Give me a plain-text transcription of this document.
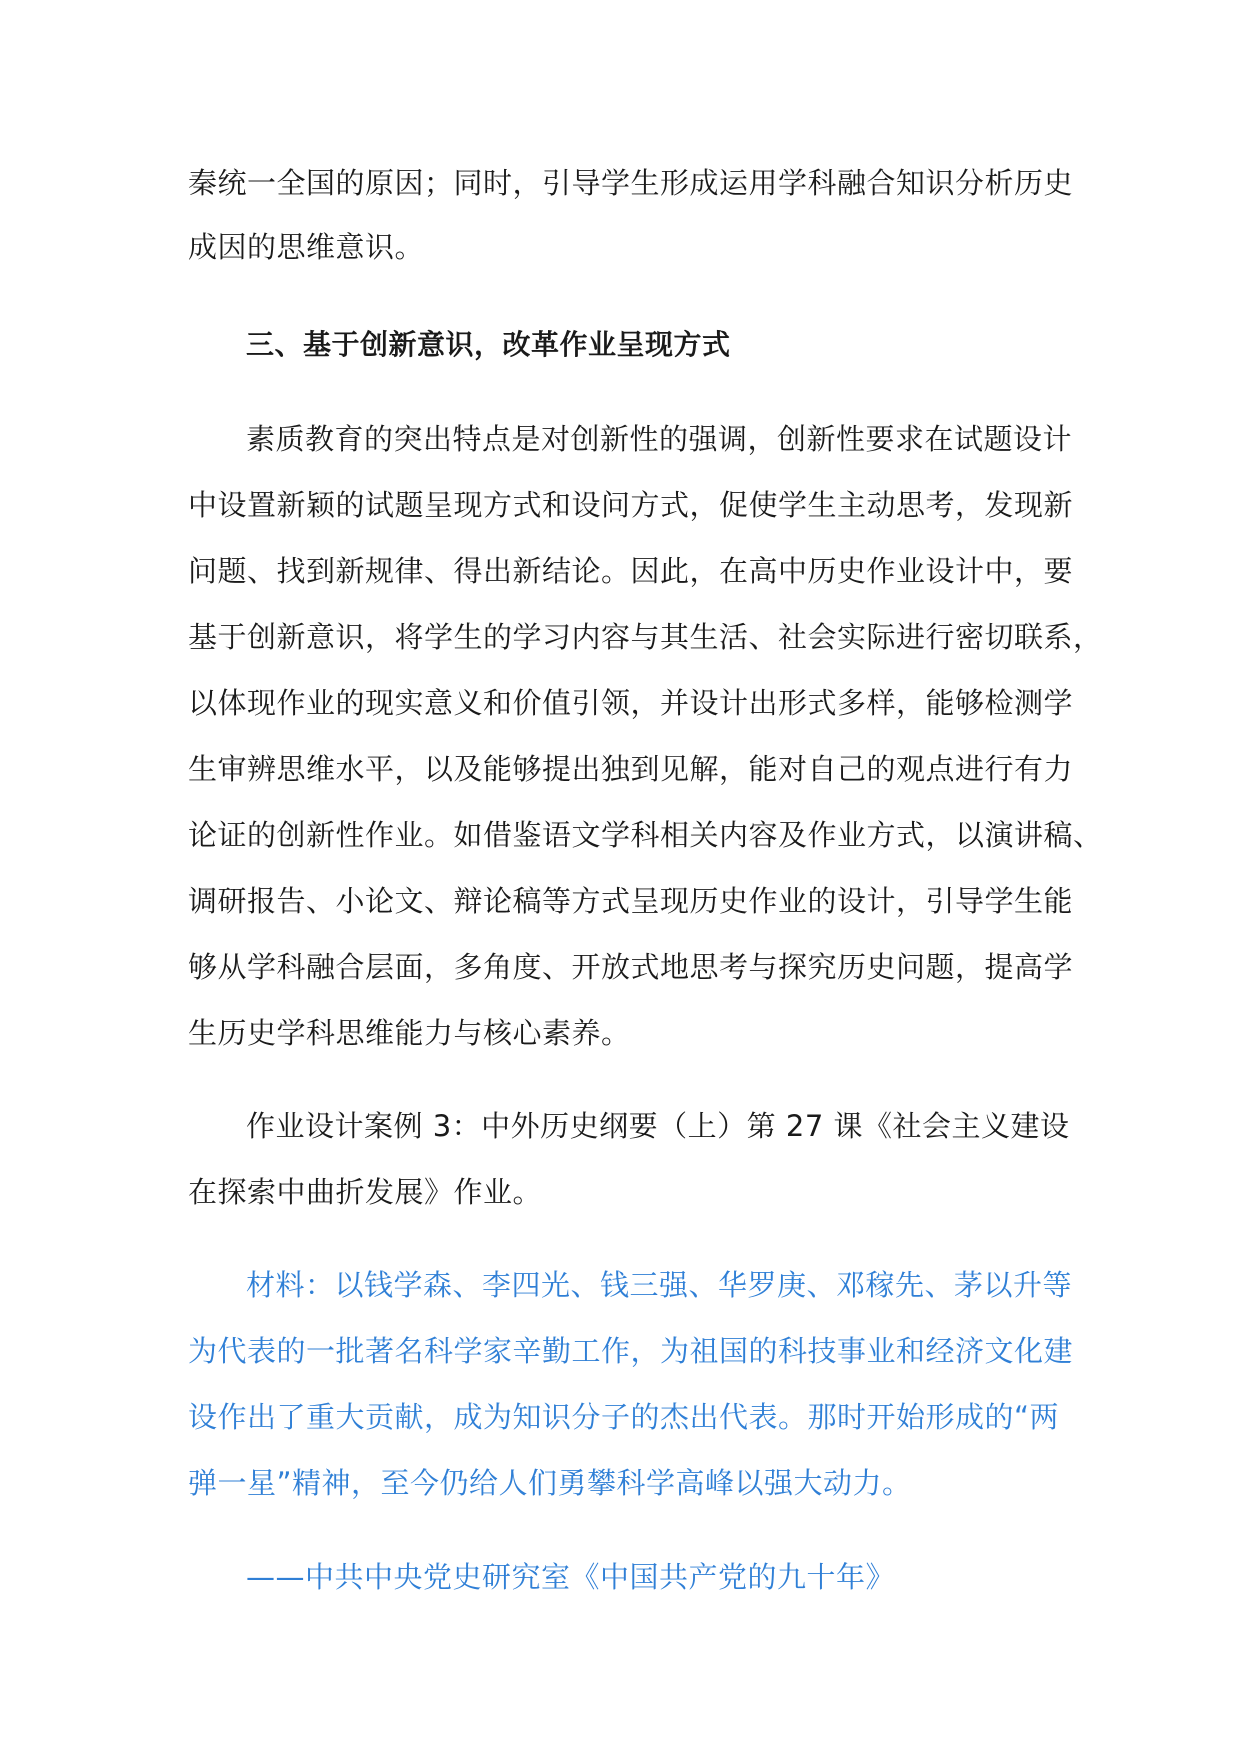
秦统一全国的原因；同时，引导学生形成运用学科融合知识分析历史
成因的思维意识。
三、基于创新意识，改革作业呈现方式
素质教育的突出特点是对创新性的强调，创新性要求在试题设计
中设置新颖的试题呈现方式和设问方式，促使学生主动思考，发现新
问题、找到新规律、得出新结论。因此，在高中历史作业设计中，要
基于创新意识，将学生的学习内容与其生活、社会实际进行密切联系，
以体现作业的现实意义和价值引领，并设计出形式多样，能够检测学
生审辨思维水平，以及能够提出独到见解，能对自己的观点进行有力
论证的创新性作业。如借鉴语文学科相关内容及作业方式，以演讲稿、
调研报告、小论文、辩论稿等方式呈现历史作业的设计，引导学生能
够从学科融合层面，多角度、开放式地思考与探究历史问题，提高学
生历史学科思维能力与核心素养。
作业设计案例 3：中外历史纲要（上）第 27 课《社会主义建设
在探索中曲折发展》作业。
材料：以钱学森、李四光、钱三强、华罗庚、邓稼先、茅以升等
为代表的一批著名科学家辛勤工作，为祖国的科技事业和经济文化建
设作出了重大贡献，成为知识分子的杰出代表。那时开始形成的“两
弹一星”精神，至今仍给人们勇攀科学高峰以强大动力。
——中共中央党史研究室《中国共产党的九十年》
